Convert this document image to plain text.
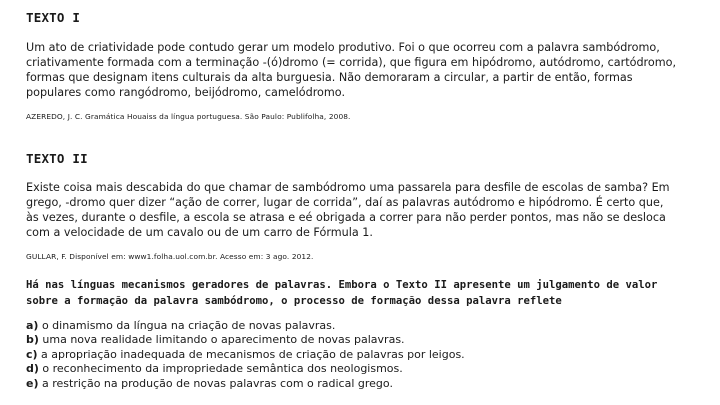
TEXTO I
Um ato de criatividade pode contudo gerar um modelo produtivo. Foi o que ocorreu com a palavra sambódromo,
criativamente formada com a terminação -(ó)dromo (= corrida), que figura em hipódromo, autódromo, cartódromo,
formas que designam itens culturais da alta burguesia. Não demoraram a circular, a partir de então, formas
populares como rangódromo, beijódromo, camelódromo.
AZEREDO, J. C. Gramática Houaiss da língua portuguesa. São Paulo: Publifolha, 2008.
TEXTO II
Existe coisa mais descabida do que chamar de sambódromo uma passarela para desfile de escolas de samba? Em
grego, -dromo quer dizer “ação de correr, lugar de corrida”, daí as palavras autódromo e hipódromo. É certo que,
às vezes, durante o desfile, a escola se atrasa e eé obrigada a correr para não perder pontos, mas não se desloca
com a velocidade de um cavalo ou de um carro de Fórmula 1.
GULLAR, F. Disponível em: www1.folha.uol.com.br. Acesso em: 3 ago. 2012.
Há nas línguas mecanismos geradores de palavras. Embora o Texto II apresente um julgamento de valor
sobre a formação da palavra sambódromo, o processo de formação dessa palavra reflete
a) o dinamismo da língua na criação de novas palavras.
b) uma nova realidade limitando o aparecimento de novas palavras.
c) a apropriação inadequada de mecanismos de criação de palavras por leigos.
d) o reconhecimento da impropriedade semântica dos neologismos.
e) a restrição na produção de novas palavras com o radical grego.
